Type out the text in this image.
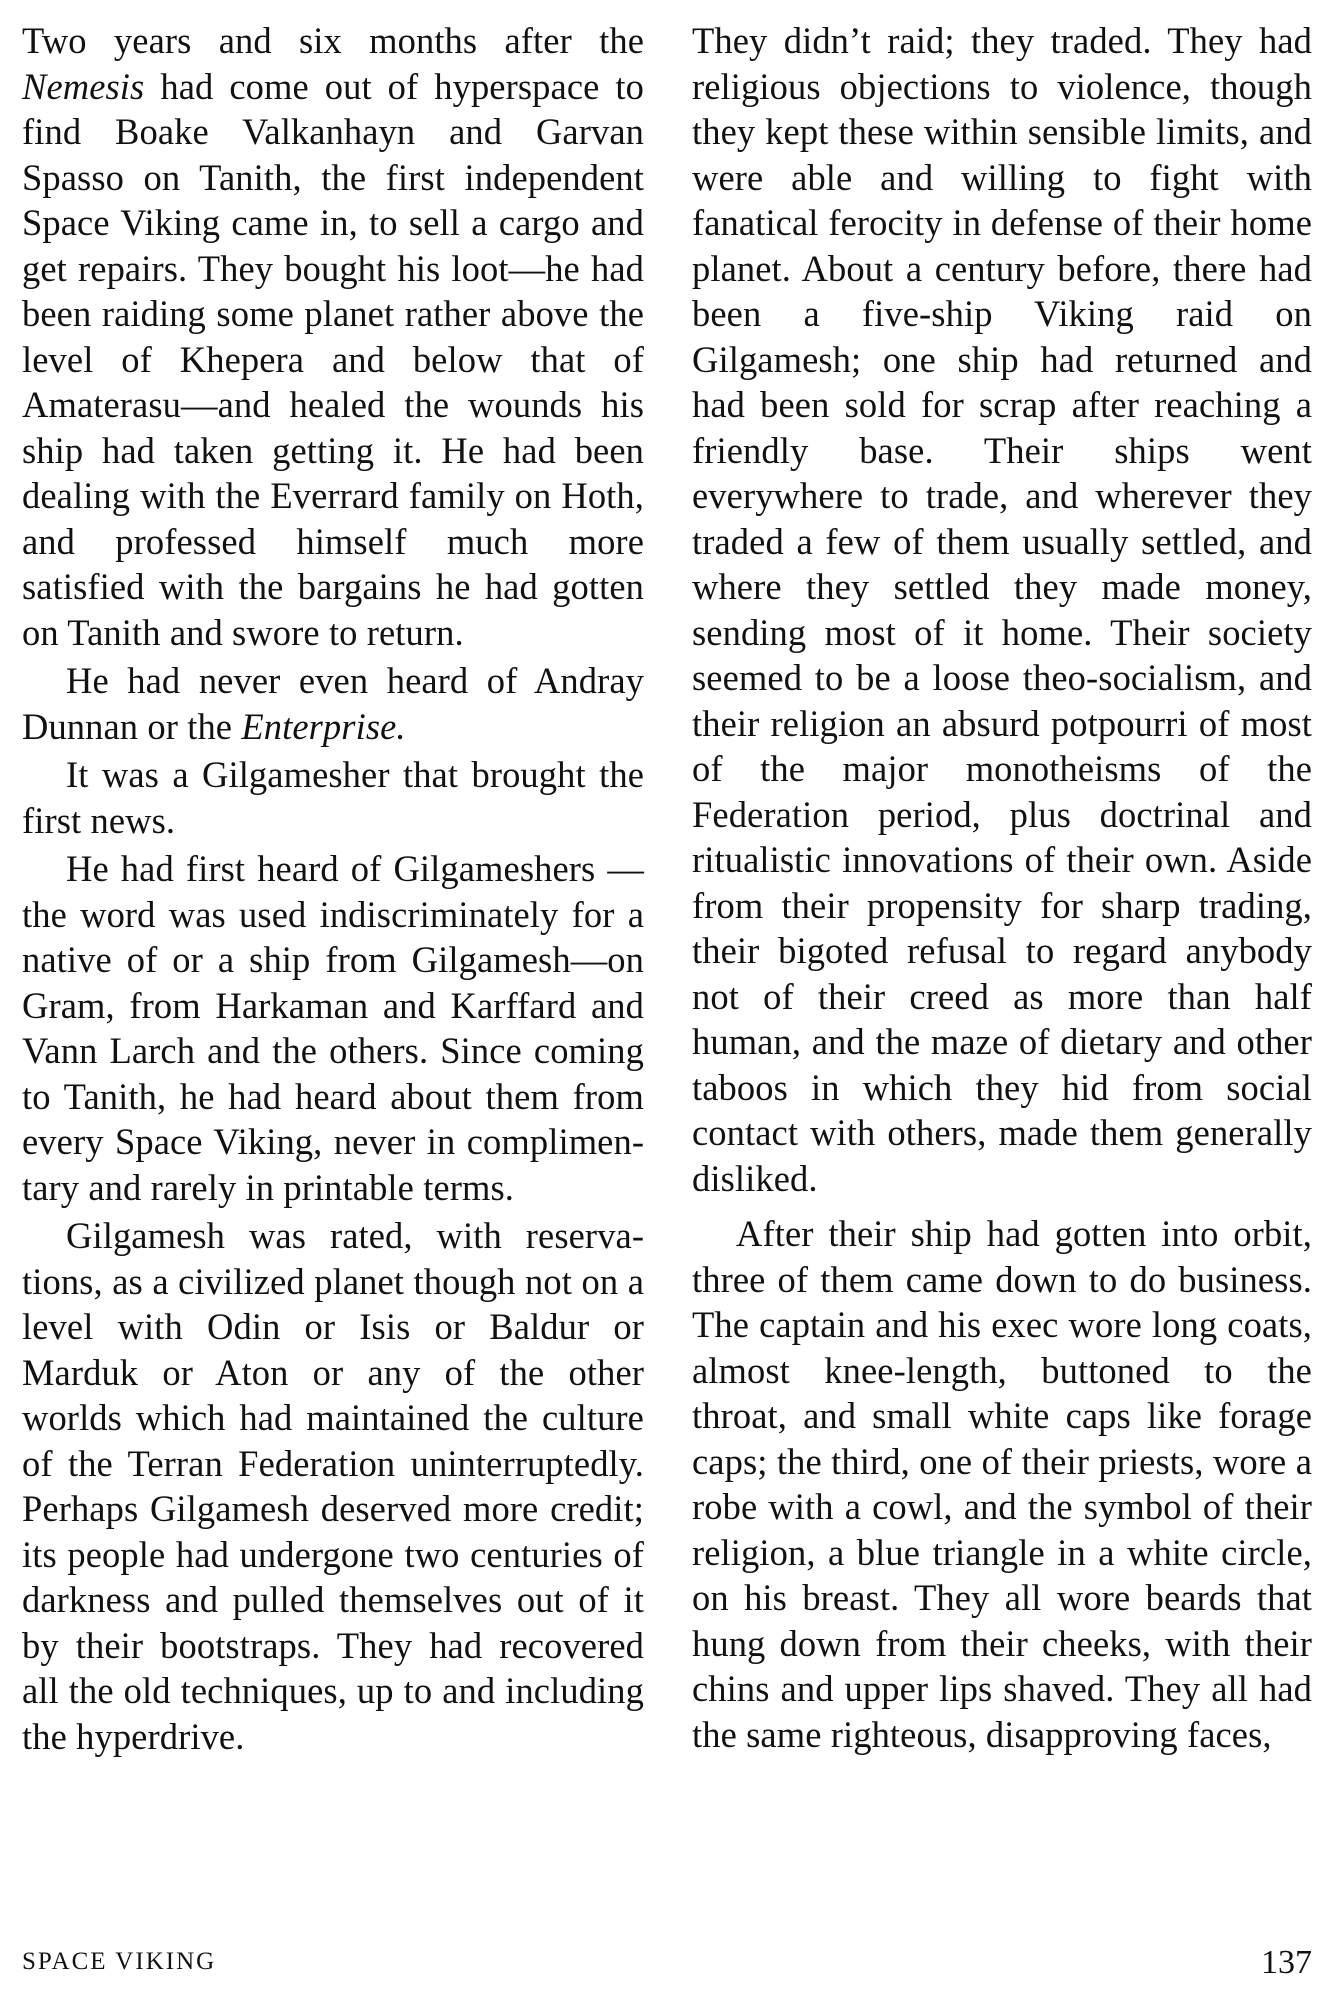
Two years and six months after the Nemesis had come out of hyperspace to find Boake Valkanhayn and Garvan Spasso on Tanith, the first independent Space Viking came in, to sell a cargo and get repairs. They bought his loot—he had been raiding some planet rather above the level of Khepera and below that of Amaterasu—and healed the wounds his ship had taken getting it. He had been dealing with the Everrard family on Hoth, and professed himself much more satisfied with the bargains he had gotten on Tanith and swore to return.

He had never even heard of Andray Dunnan or the Enterprise.

It was a Gilgamesher that brought the first news.

He had first heard of Gilgameshers —the word was used indiscriminately for a native of or a ship from Gilgamesh—on Gram, from Harkaman and Karffard and Vann Larch and the others. Since coming to Tanith, he had heard about them from every Space Viking, never in complimentary and rarely in printable terms.

Gilgamesh was rated, with reservations, as a civilized planet though not on a level with Odin or Isis or Baldur or Marduk or Aton or any of the other worlds which had maintained the culture of the Terran Federation uninterruptedly. Perhaps Gilgamesh deserved more credit; its people had undergone two centuries of darkness and pulled themselves out of it by their bootstraps. They had recovered all the old techniques, up to and including the hyperdrive.

They didn’t raid; they traded. They had religious objections to violence, though they kept these within sensible limits, and were able and willing to fight with fanatical ferocity in defense of their home planet. About a century before, there had been a five-ship Viking raid on Gilgamesh; one ship had returned and had been sold for scrap after reaching a friendly base. Their ships went everywhere to trade, and wherever they traded a few of them usually settled, and where they settled they made money, sending most of it home. Their society seemed to be a loose theo-socialism, and their religion an absurd potpourri of most of the major monotheisms of the Federation period, plus doctrinal and ritualistic innovations of their own. Aside from their propensity for sharp trading, their bigoted refusal to regard anybody not of their creed as more than half human, and the maze of dietary and other taboos in which they hid from social contact with others, made them generally disliked.

After their ship had gotten into orbit, three of them came down to do business. The captain and his exec wore long coats, almost knee-length, buttoned to the throat, and small white caps like forage caps; the third, one of their priests, wore a robe with a cowl, and the symbol of their religion, a blue triangle in a white circle, on his breast. They all wore beards that hung down from their cheeks, with their chins and upper lips shaved. They all had the same righteous, disapproving faces,

SPACE VIKING	137
